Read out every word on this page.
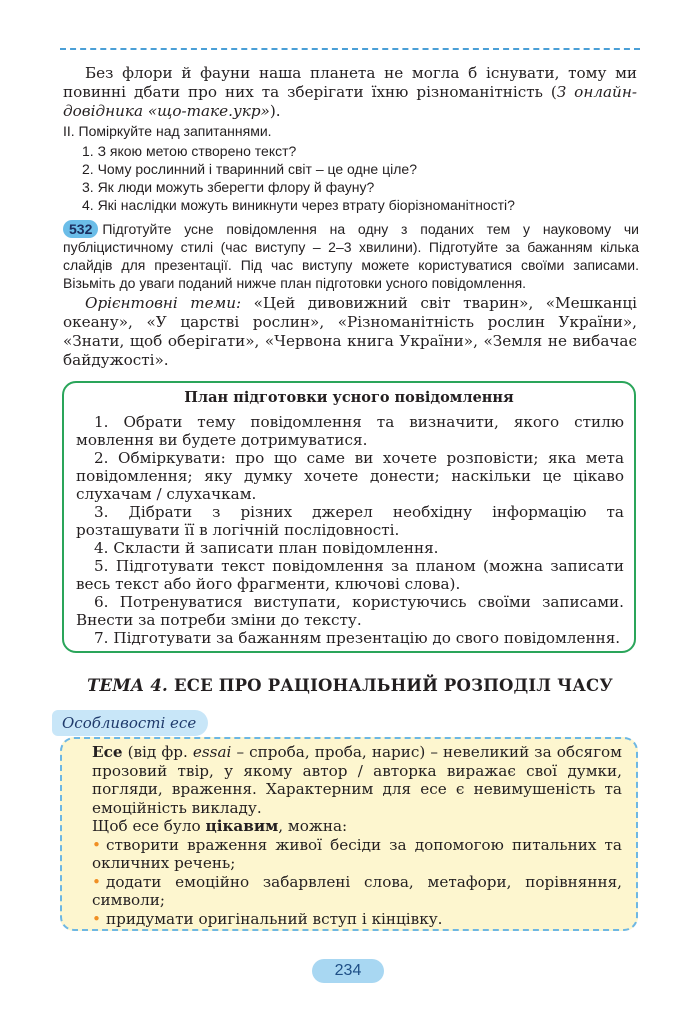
Без флори й фауни наша планета не могла б існувати, тому ми повинні дбати про них та зберігати їхню різноманітність (З онлайн-довідника «що-таке.укр»).

ІІ. Поміркуйте над запитаннями.
1. З якою метою створено текст?
2. Чому рослинний і тваринний світ – це одне ціле?
3. Як люди можуть зберегти флору й фауну?
4. Які наслідки можуть виникнути через втрату біорізноманітності?

532 Підготуйте усне повідомлення на одну з поданих тем у науковому чи публіцистичному стилі (час виступу – 2–3 хвилини). Підготуйте за бажанням кілька слайдів для презентації. Під час виступу можете користуватися своїми записами. Візьміть до уваги поданий нижче план підготовки усного повідомлення.

Орієнтовні теми: «Цей дивовижний світ тварин», «Мешканці океану», «У царстві рослин», «Різноманітність рослин України», «Знати, щоб оберігати», «Червона книга України», «Земля не вибачає байдужості».

План підготовки усного повідомлення

1. Обрати тему повідомлення та визначити, якого стилю мовлення ви будете дотримуватися.

2. Обміркувати: про що саме ви хочете розповісти; яка мета повідомлення; яку думку хочете донести; наскільки це цікаво слухачам / слухачкам.

3. Дібрати з різних джерел необхідну інформацію та розташувати її в логічній послідовності.

4. Скласти й записати план повідомлення.

5. Підготувати текст повідомлення за планом (можна записати весь текст або його фрагменти, ключові слова).

6. Потренуватися виступати, користуючись своїми записами. Внести за потреби зміни до тексту.

7. Підготувати за бажанням презентацію до свого повідомлення.

ТЕМА 4. ЕСЕ ПРО РАЦІОНАЛЬНИЙ РОЗПОДІЛ ЧАСУ
Особливості есе

Есе (від фр. essai – спроба, проба, нарис) – невеликий за обсягом прозовий твір, у якому автор / авторка виражає свої думки, погляди, враження. Характерним для есе є невимушеність та емоційність викладу.

Щоб есе було цікавим, можна:

• створити враження живої бесіди за допомогою питальних та окличних речень;

• додати емоційно забарвлені слова, метафори, порівняння, символи;

• придумати оригінальний вступ і кінцівку.

234
